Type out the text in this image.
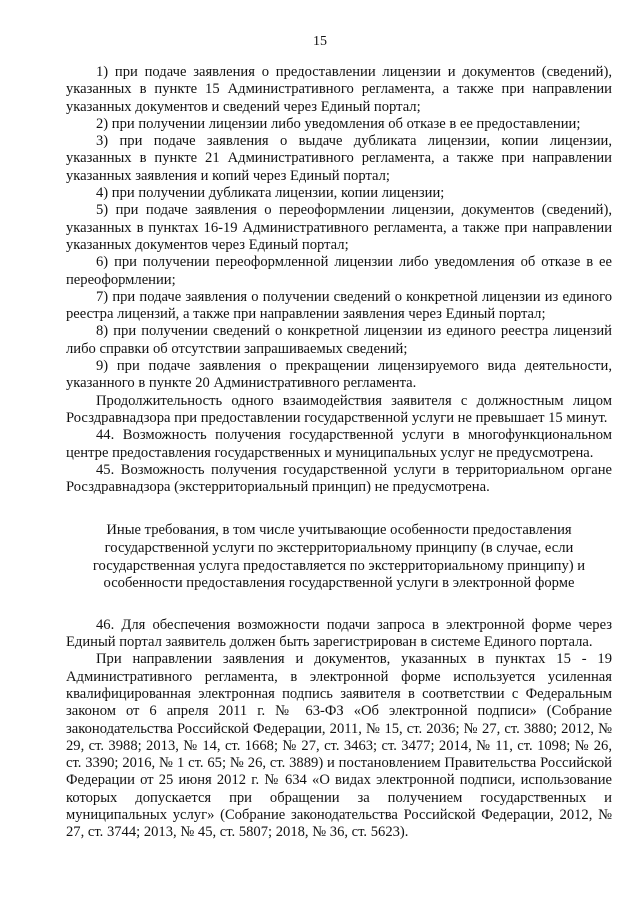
15

1) при подаче заявления о предоставлении лицензии и документов (сведений), указанных в пункте 15 Административного регламента, а также при направлении указанных документов и сведений через Единый портал;

2) при получении лицензии либо уведомления об отказе в ее предоставлении;

3) при подаче заявления о выдаче дубликата лицензии, копии лицензии, указанных в пункте 21 Административного регламента, а также при направлении указанных заявления и копий через Единый портал;

4) при получении дубликата лицензии, копии лицензии;

5) при подаче заявления о переоформлении лицензии, документов (сведений), указанных в пунктах 16-19 Административного регламента, а также при направлении указанных документов через Единый портал;

6) при получении переоформленной лицензии либо уведомления об отказе в ее переоформлении;

7) при подаче заявления о получении сведений о конкретной лицензии из единого реестра лицензий, а также при направлении заявления через Единый портал;

8) при получении сведений о конкретной лицензии из единого реестра лицензий либо справки об отсутствии запрашиваемых сведений;

9) при подаче заявления о прекращении лицензируемого вида деятельности, указанного в пункте 20 Административного регламента.

Продолжительность одного взаимодействия заявителя с должностным лицом Росздравнадзора при предоставлении государственной услуги не превышает 15 минут.

44. Возможность получения государственной услуги в многофункциональном центре предоставления государственных и муниципальных услуг не предусмотрена.

45. Возможность получения государственной услуги в территориальном органе Росздравнадзора (экстерриториальный принцип) не предусмотрена.

Иные требования, в том числе учитывающие особенности предоставления государственной услуги по экстерриториальному принципу (в случае, если государственная услуга предоставляется по экстерриториальному принципу) и особенности предоставления государственной услуги в электронной форме

46. Для обеспечения возможности подачи запроса в электронной форме через Единый портал заявитель должен быть зарегистрирован в системе Единого портала.

При направлении заявления и документов, указанных в пунктах 15 - 19 Административного регламента, в электронной форме используется усиленная квалифицированная электронная подпись заявителя в соответствии с Федеральным законом от 6 апреля 2011 г. № 63-ФЗ «Об электронной подписи» (Собрание законодательства Российской Федерации, 2011, № 15, ст. 2036; № 27, ст. 3880; 2012, № 29, ст. 3988; 2013, № 14, ст. 1668; № 27, ст. 3463; ст. 3477; 2014, № 11, ст. 1098; № 26, ст. 3390; 2016, № 1 ст. 65; № 26, ст. 3889) и постановлением Правительства Российской Федерации от 25 июня 2012 г. № 634 «О видах электронной подписи, использование которых допускается при обращении за получением государственных и муниципальных услуг» (Собрание законодательства Российской Федерации, 2012, № 27, ст. 3744; 2013, № 45, ст. 5807; 2018, № 36, ст. 5623).
